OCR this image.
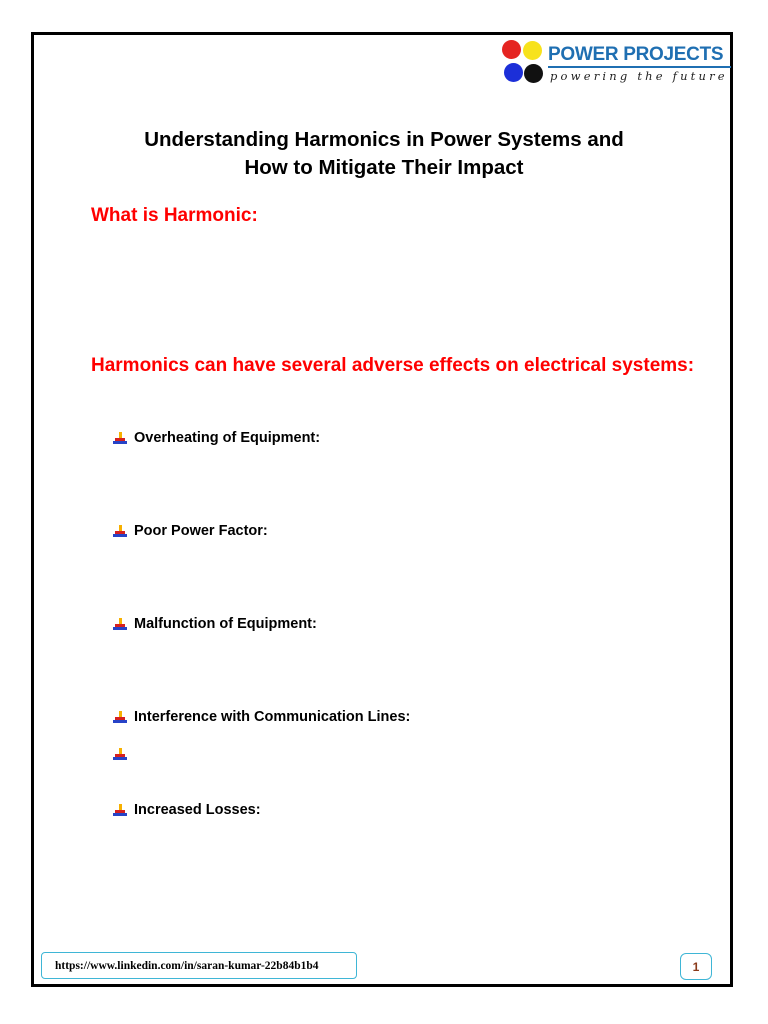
POWER PROJECTS
powering the future
Understanding Harmonics in Power Systems and
How to Mitigate Their Impact
What is Harmonic:
Harmonics can have several adverse effects on electrical systems:
Overheating of Equipment:
Poor Power Factor:
Malfunction of Equipment:
Interference with Communication Lines:
Increased Losses:
https://www.linkedin.com/in/saran-kumar-22b84b1b4	1
